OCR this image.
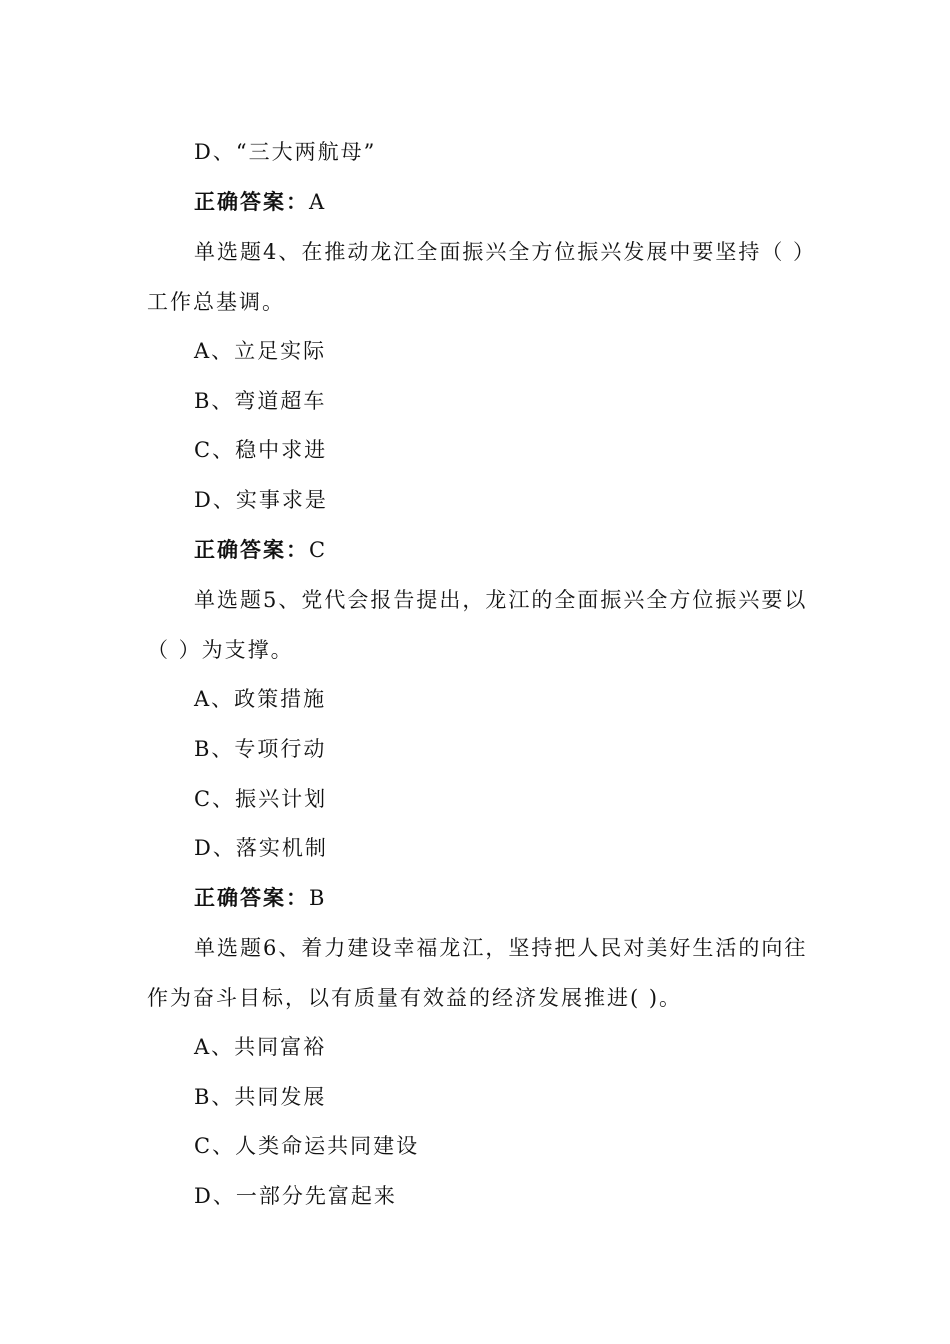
D、“三大两航母”
正确答案：A
单选题4、在推动龙江全面振兴全方位振兴发展中要坚持（ ）
工作总基调。
A、立足实际
B、弯道超车
C、稳中求进
D、实事求是
正确答案：C
单选题5、党代会报告提出，龙江的全面振兴全方位振兴要以
（ ）为支撑。
A、政策措施
B、专项行动
C、振兴计划
D、落实机制
正确答案：B
单选题6、着力建设幸福龙江，坚持把人民对美好生活的向往
作为奋斗目标，以有质量有效益的经济发展推进( )。
A、共同富裕
B、共同发展
C、人类命运共同建设
D、一部分先富起来
